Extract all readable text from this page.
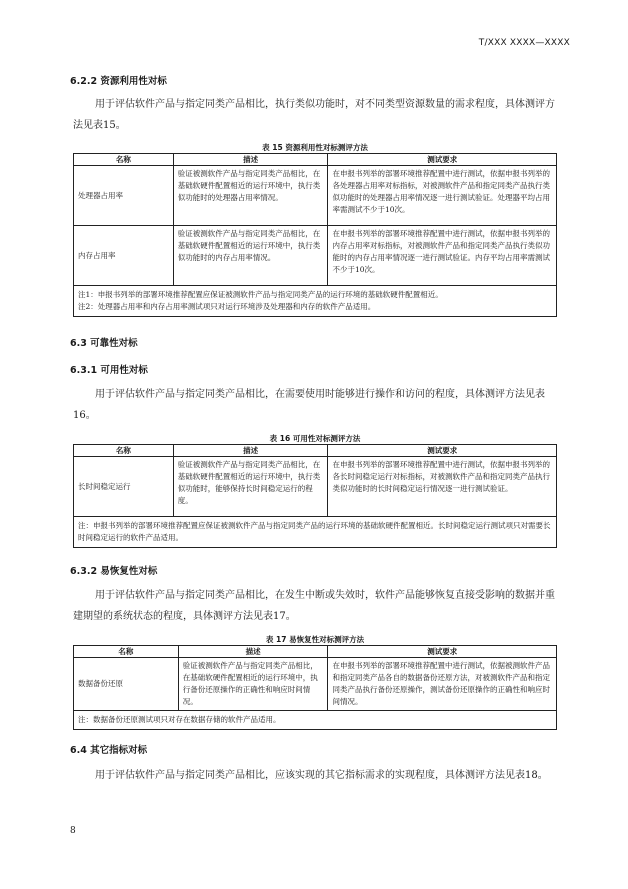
T/XXX XXXX—XXXX
6.2.2 资源利用性对标
用于评估软件产品与指定同类产品相比，执行类似功能时，对不同类型资源数量的需求程度，具体测评方法见表15。
表 15 资源利用性对标测评方法
名称	描述	测试要求
处理器占用率	验证被测软件产品与指定同类产品相比，在基础软硬件配置相近的运行环境中，执行类似功能时的处理器占用率情况。	在申报书列举的部署环境推荐配置中进行测试，依据申报书列举的各处理器占用率对标指标，对被测软件产品和指定同类产品执行类似功能时的处理器占用率情况逐一进行测试验证。处理器平均占用率需测试不少于10次。
内存占用率	验证被测软件产品与指定同类产品相比，在基础软硬件配置相近的运行环境中，执行类似功能时的内存占用率情况。	在申报书列举的部署环境推荐配置中进行测试，依据申报书列举的内存占用率对标指标，对被测软件产品和指定同类产品执行类似功能时的内存占用率情况逐一进行测试验证。内存平均占用率需测试不少于10次。

注1：申报书列举的部署环境推荐配置应保证被测软件产品与指定同类产品的运行环境的基础软硬件配置相近。
注2：处理器占用率和内存占用率测试项只对运行环境涉及处理器和内存的软件产品适用。		
6.3 可靠性对标
6.3.1 可用性对标
用于评估软件产品与指定同类产品相比，在需要使用时能够进行操作和访问的程度，具体测评方法见表16。
表 16 可用性对标测评方法
名称	描述	测试要求
长时间稳定运行	验证被测软件产品与指定同类产品相比，在基础软硬件配置相近的运行环境中，执行类似功能时，能够保持长时间稳定运行的程度。	在申报书列举的部署环境推荐配置中进行测试，依据申报书列举的各长时间稳定运行对标指标，对被测软件产品和指定同类产品执行类似功能时的长时间稳定运行情况逐一进行测试验证。
注：申报书列举的部署环境推荐配置应保证被测软件产品与指定同类产品的运行环境的基础软硬件配置相近。长时间稳定运行测试项只对需要长时间稳定运行的软件产品适用。		
6.3.2 易恢复性对标
用于评估软件产品与指定同类产品相比，在发生中断或失效时，软件产品能够恢复直接受影响的数据并重建期望的系统状态的程度，具体测评方法见表17。
表 17 易恢复性对标测评方法
名称	描述	测试要求
数据备份还原	验证被测软件产品与指定同类产品相比，在基础软硬件配置相近的运行环境中，执行备份还原操作的正确性和响应时间情况。	在申报书列举的部署环境推荐配置中进行测试，依据被测软件产品和指定同类产品各自的数据备份还原方法，对被测软件产品和指定同类产品执行备份还原操作，测试备份还原操作的正确性和响应时间情况。
注：数据备份还原测试项只对存在数据存储的软件产品适用。		
6.4 其它指标对标
用于评估软件产品与指定同类产品相比，应该实现的其它指标需求的实现程度，具体测评方法见表18。
8
